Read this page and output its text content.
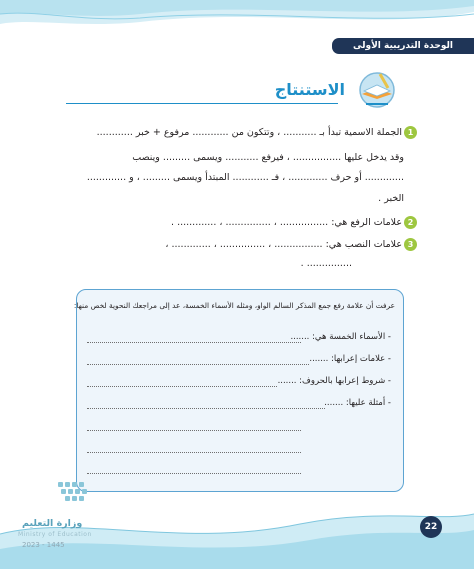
الوحدة التدريبية الأولى
الاستنتاج
1
الجملة الاسمية تبدأ بـ ........... ، وتتكون من ............ مرفوع + خبر ............
وقد يدخل عليها ................ ، فيرفع ........... ويسمى ......... وينصب
............. أو حرف ............. ، فـ ............ المبتدأ ويسمى ......... ، و .............
الخبر .
2
علامات الرفع هي: ................ ، ............... ، ............. .
3
علامات النصب هي: ................ ، ............... ، ............. ،
............... .
عرفت أن علامة رفع جمع المذكر السالم الواو، ومثله الأسماء الخمسة، عد إلى مراجعك النحوية لخص منها:
- الأسماء الخمسة هي: .......
- علامات إعرابها: .......
- شروط إعرابها بالحروف: .......
- أمثلة عليها: .......
وزارة التعليم
Ministry of Education
2023 - 1445
22
